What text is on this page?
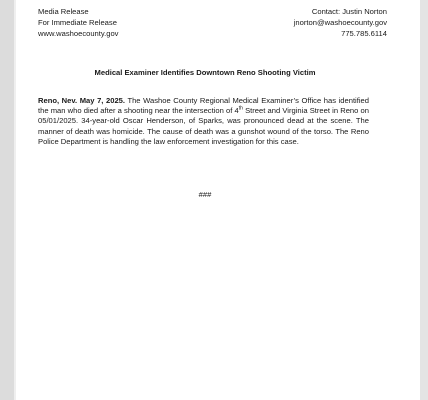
Media Release
For Immediate Release
www.washoecounty.gov
Contact: Justin Norton
jnorton@washoecounty.gov
775.785.6114
Medical Examiner Identifies Downtown Reno Shooting Victim
Reno, Nev. May 7, 2025. The Washoe County Regional Medical Examiner’s Office has identified the man who died after a shooting near the intersection of 4th Street and Virginia Street in Reno on 05/01/2025. 34-year-old Oscar Henderson, of Sparks, was pronounced dead at the scene. The manner of death was homicide. The cause of death was a gunshot wound of the torso. The Reno Police Department is handling the law enforcement investigation for this case.
###
